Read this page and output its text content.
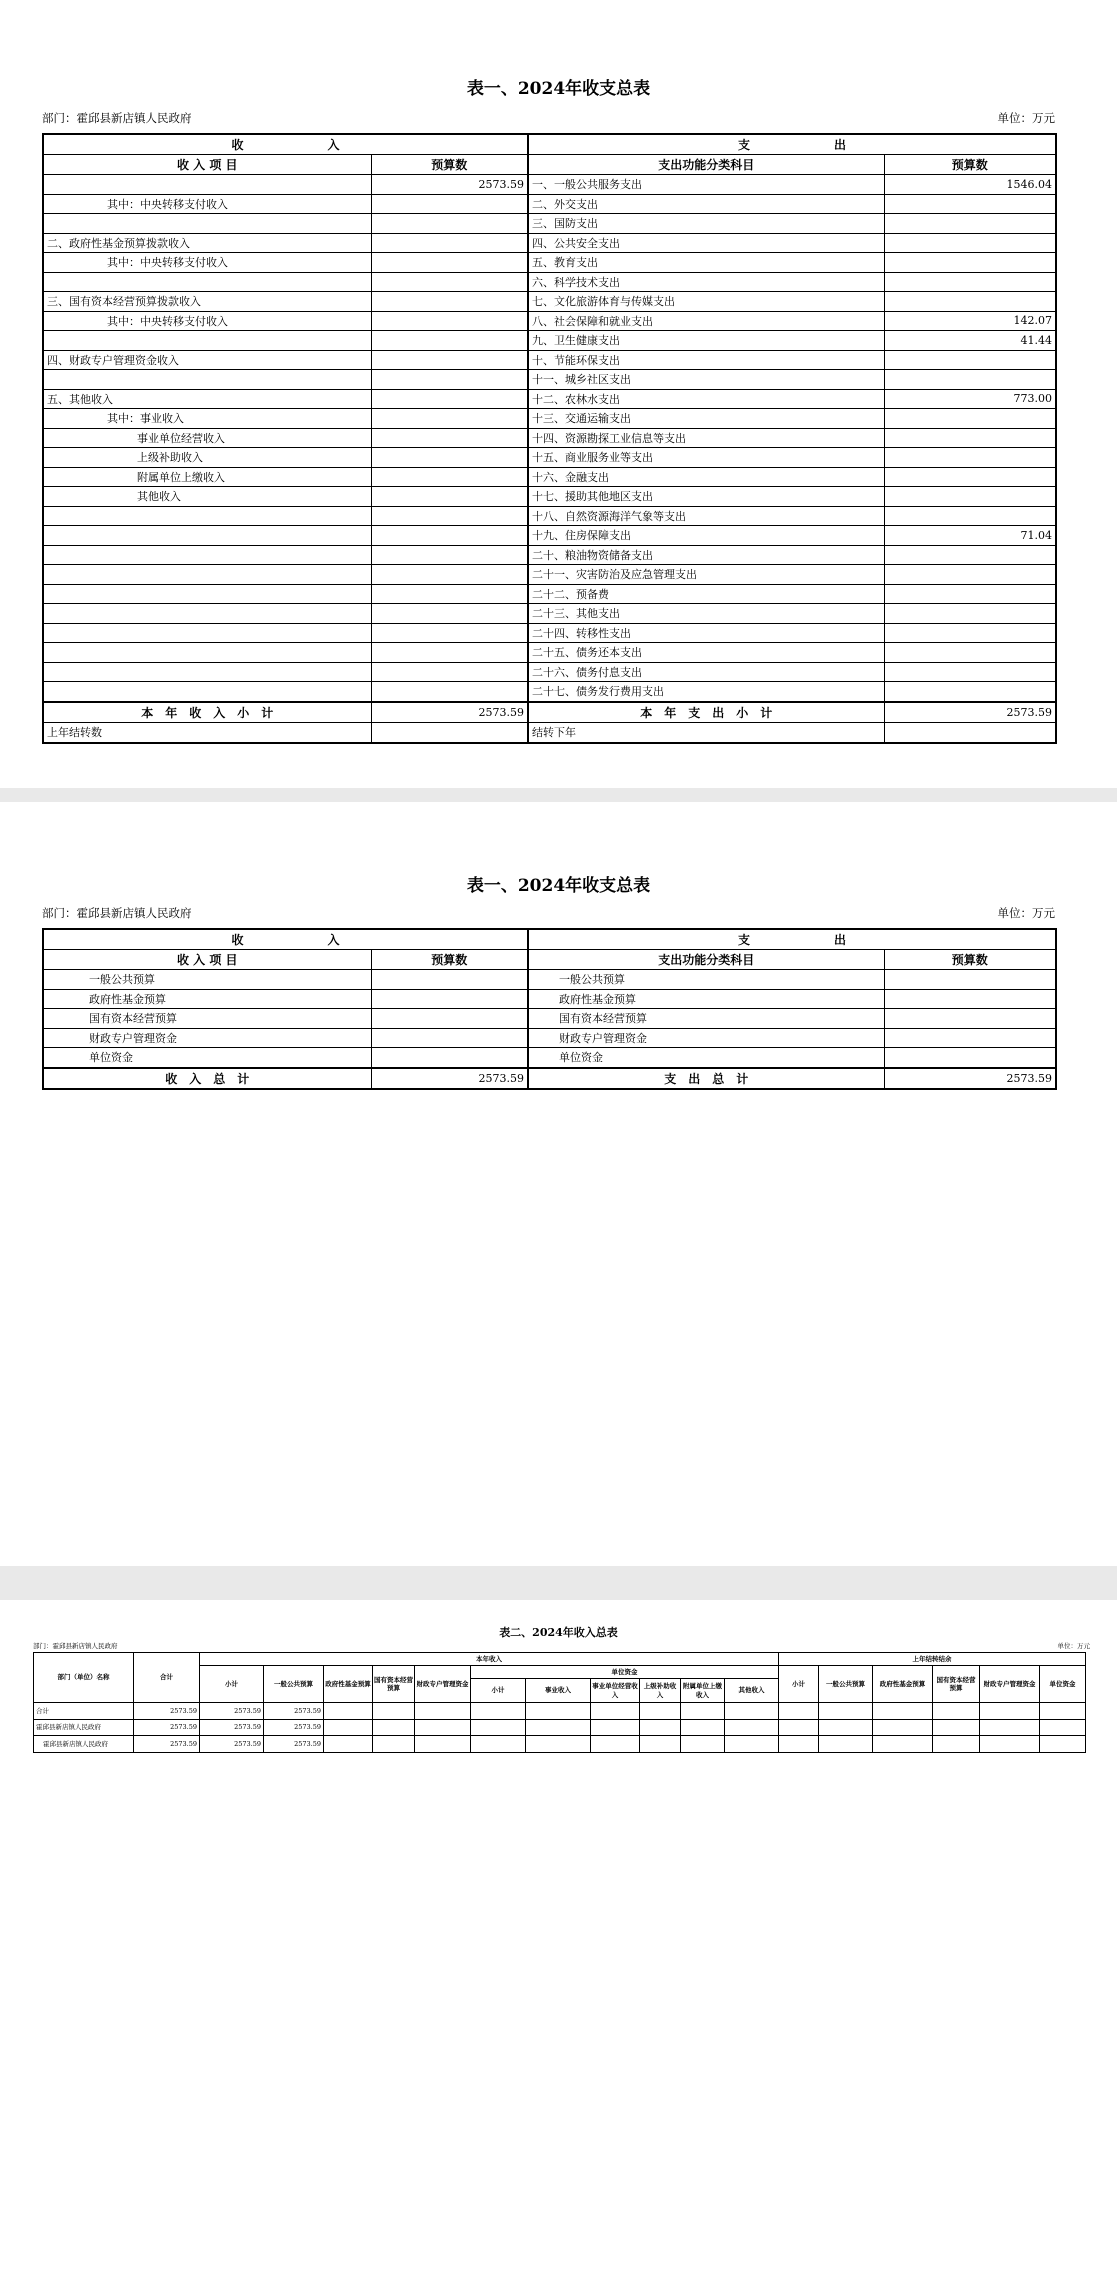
表一、2024年收支总表
部门：霍邱县新店镇人民政府	单位：万元
收　　　　　　　入		支　　　　　　　出	
收 入 项 目	预算数	支出功能分类科目	预算数
	2573.59	一、一般公共服务支出	1546.04
其中：中央转移支付收入		二、外交支出	
		三、国防支出	
二、政府性基金预算拨款收入		四、公共安全支出	
其中：中央转移支付收入		五、教育支出	
		六、科学技术支出	
三、国有资本经营预算拨款收入		七、文化旅游体育与传媒支出	
其中：中央转移支付收入		八、社会保障和就业支出	142.07
		九、卫生健康支出	41.44
四、财政专户管理资金收入		十、节能环保支出	
		十一、城乡社区支出	
五、其他收入		十二、农林水支出	773.00
其中：事业收入		十三、交通运输支出	
事业单位经营收入		十四、资源勘探工业信息等支出	
上级补助收入		十五、商业服务业等支出	
附属单位上缴收入		十六、金融支出	
其他收入		十七、援助其他地区支出	
		十八、自然资源海洋气象等支出	
		十九、住房保障支出	71.04
		二十、粮油物资储备支出	
		二十一、灾害防治及应急管理支出	
		二十二、预备费	
		二十三、其他支出	
		二十四、转移性支出	
		二十五、债务还本支出	
		二十六、债务付息支出	
		二十七、债务发行费用支出	
本　年　收　入　小　计	2573.59	本　年　支　出　小　计	2573.59
上年结转数		结转下年	
表一、2024年收支总表
部门：霍邱县新店镇人民政府	单位：万元
收　　　　　　　入		支　　　　　　　出	
收 入 项 目	预算数	支出功能分类科目	预算数
一般公共预算		一般公共预算	
政府性基金预算		政府性基金预算	
国有资本经营预算		国有资本经营预算	
财政专户管理资金		财政专户管理资金	
单位资金		单位资金	
收　入　总　计	2573.59	支　出　总　计	2573.59
表二、2024年收入总表
部门：霍邱县新店镇人民政府	单位：万元
部门（单位）名称	合计	本年收入											上年结转结余					
		小计	一般公共预算	政府性基金预算	国有资本经营预算	财政专户管理资金	单位资金						小计	一般公共预算	政府性基金预算	国有资本经营预算	财政专户管理资金	单位资金
							小计	事业收入	事业单位经营收入	上级补助收入	附属单位上缴收入	其他收入						
合计	2573.59	2573.59	2573.59															
霍邱县新店镇人民政府	2573.59	2573.59	2573.59															
霍邱县新店镇人民政府	2573.59	2573.59	2573.59															
